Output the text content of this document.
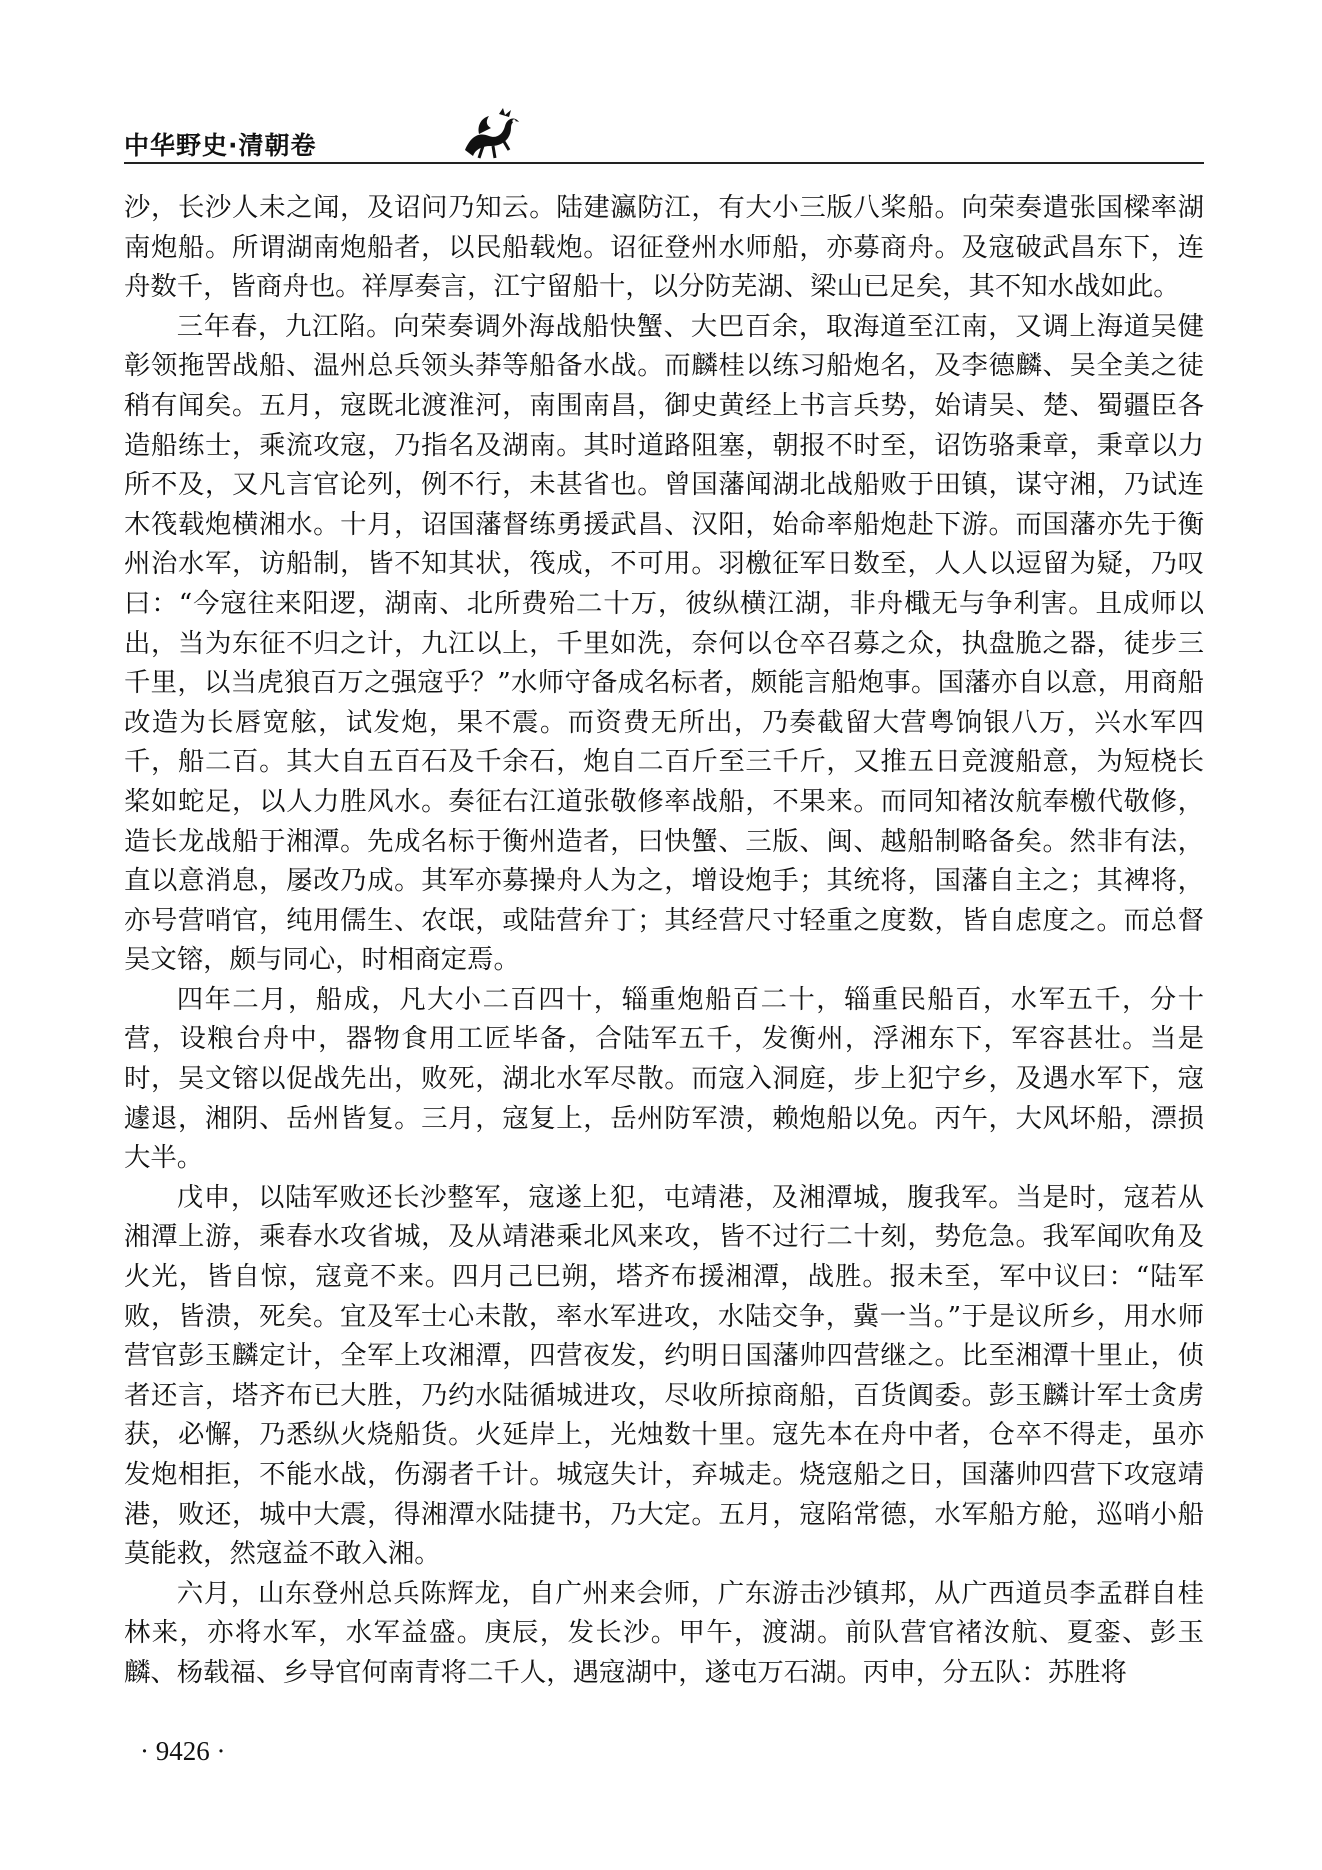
中华野史·清朝卷

沙，长沙人未之闻，及诏问乃知云。陆建瀛防江，有大小三版八桨船。向荣奏遣张国樑率湖南炮船。所谓湖南炮船者，以民船载炮。诏征登州水师船，亦募商舟。及寇破武昌东下，连舟数千，皆商舟也。祥厚奏言，江宁留船十，以分防芜湖、梁山已足矣，其不知水战如此。

三年春，九江陷。向荣奏调外海战船快蟹、大巴百余，取海道至江南，又调上海道吴健彰领拖罟战船、温州总兵领头莽等船备水战。而麟桂以练习船炮名，及李德麟、吴全美之徒稍有闻矣。五月，寇既北渡淮河，南围南昌，御史黄经上书言兵势，始请吴、楚、蜀疆臣各造船练士，乘流攻寇，乃指名及湖南。其时道路阻塞，朝报不时至，诏饬骆秉章，秉章以力所不及，又凡言官论列，例不行，未甚省也。曾国藩闻湖北战船败于田镇，谋守湘，乃试连木筏载炮横湘水。十月，诏国藩督练勇援武昌、汉阳，始命率船炮赴下游。而国藩亦先于衡州治水军，访船制，皆不知其状，筏成，不可用。羽檄征军日数至，人人以逗留为疑，乃叹曰：“今寇往来阳逻，湖南、北所费殆二十万，彼纵横江湖，非舟檝无与争利害。且成师以出，当为东征不归之计，九江以上，千里如洗，奈何以仓卒召募之众，执盘脆之器，徒步三千里，以当虎狼百万之强寇乎？”水师守备成名标者，颇能言船炮事。国藩亦自以意，用商船改造为长唇宽舷，试发炮，果不震。而资费无所出，乃奏截留大营粤饷银八万，兴水军四千，船二百。其大自五百石及千余石，炮自二百斤至三千斤，又推五日竞渡船意，为短桡长桨如蛇足，以人力胜风水。奏征右江道张敬修率战船，不果来。而同知褚汝航奉檄代敬修，造长龙战船于湘潭。先成名标于衡州造者，曰快蟹、三版、闽、越船制略备矣。然非有法，直以意消息，屡改乃成。其军亦募操舟人为之，增设炮手；其统将，国藩自主之；其裨将，亦号营哨官，纯用儒生、农氓，或陆营弁丁；其经营尺寸轻重之度数，皆自虑度之。而总督吴文镕，颇与同心，时相商定焉。

四年二月，船成，凡大小二百四十，辎重炮船百二十，辎重民船百，水军五千，分十营，设粮台舟中，器物食用工匠毕备，合陆军五千，发衡州，浮湘东下，军容甚壮。当是时，吴文镕以促战先出，败死，湖北水军尽散。而寇入洞庭，步上犯宁乡，及遇水军下，寇遽退，湘阴、岳州皆复。三月，寇复上，岳州防军溃，赖炮船以免。丙午，大风坏船，漂损大半。

戊申，以陆军败还长沙整军，寇遂上犯，屯靖港，及湘潭城，腹我军。当是时，寇若从湘潭上游，乘春水攻省城，及从靖港乘北风来攻，皆不过行二十刻，势危急。我军闻吹角及火光，皆自惊，寇竟不来。四月己巳朔，塔齐布援湘潭，战胜。报未至，军中议曰：“陆军败，皆溃，死矣。宜及军士心未散，率水军进攻，水陆交争，冀一当。”于是议所乡，用水师营官彭玉麟定计，全军上攻湘潭，四营夜发，约明日国藩帅四营继之。比至湘潭十里止，侦者还言，塔齐布已大胜，乃约水陆循城进攻，尽收所掠商船，百货阗委。彭玉麟计军士贪虏获，必懈，乃悉纵火烧船货。火延岸上，光烛数十里。寇先本在舟中者，仓卒不得走，虽亦发炮相拒，不能水战，伤溺者千计。城寇失计，弃城走。烧寇船之日，国藩帅四营下攻寇靖港，败还，城中大震，得湘潭水陆捷书，乃大定。五月，寇陷常德，水军船方舱，巡哨小船莫能救，然寇益不敢入湘。

六月，山东登州总兵陈辉龙，自广州来会师，广东游击沙镇邦，从广西道员李孟群自桂林来，亦将水军，水军益盛。庚辰，发长沙。甲午，渡湖。前队营官褚汝航、夏銮、彭玉麟、杨载福、乡导官何南青将二千人，遇寇湖中，遂屯万石湖。丙申，分五队：苏胜将

· 9426 ·
